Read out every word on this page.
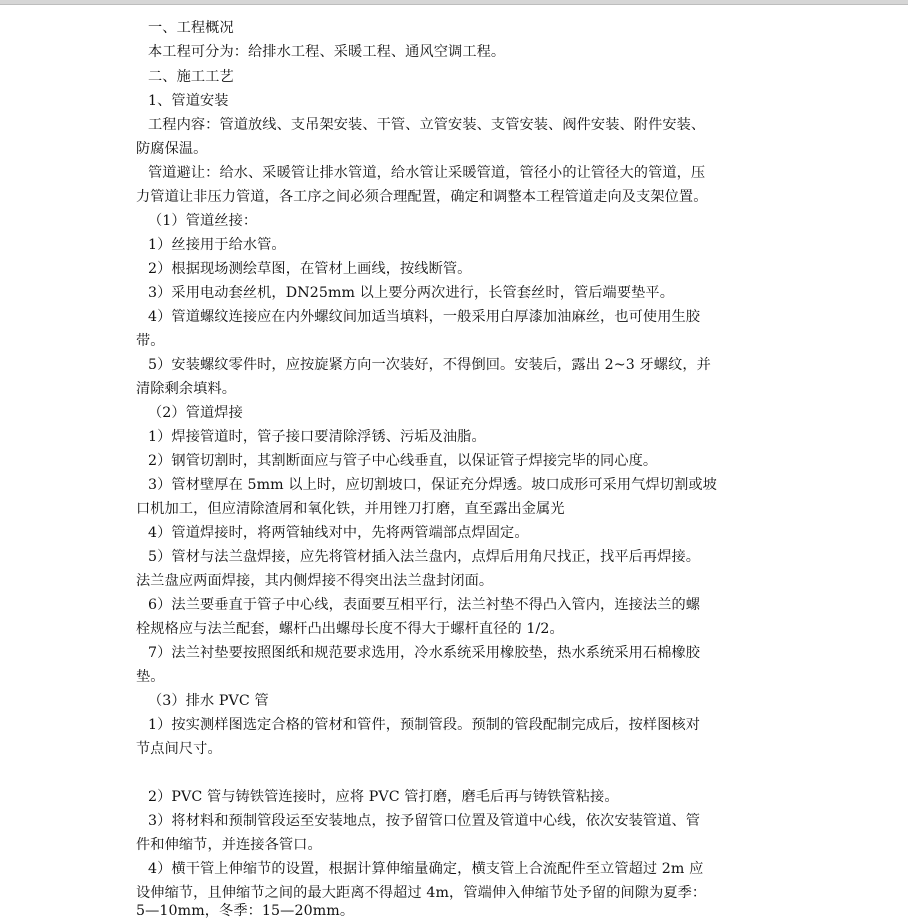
一、工程概况
本工程可分为：给排水工程、采暖工程、通风空调工程。
二、施工工艺
1、管道安装
工程内容：管道放线、支吊架安装、干管、立管安装、支管安装、阀件安装、附件安装、
防腐保温。
管道避让：给水、采暖管让排水管道，给水管让采暖管道，管径小的让管径大的管道，压
力管道让非压力管道，各工序之间必须合理配置，确定和调整本工程管道走向及支架位置。
（1）管道丝接：
1）丝接用于给水管。
2）根据现场测绘草图，在管材上画线，按线断管。
3）采用电动套丝机，DN25mm 以上要分两次进行，长管套丝时，管后端要垫平。
4）管道螺纹连接应在内外螺纹间加适当填料，一般采用白厚漆加油麻丝，也可使用生胶
带。
5）安装螺纹零件时，应按旋紧方向一次装好，不得倒回。安装后，露出 2~3 牙螺纹，并
清除剩余填料。
（2）管道焊接
1）焊接管道时，管子接口要清除浮锈、污垢及油脂。
2）钢管切割时，其割断面应与管子中心线垂直，以保证管子焊接完毕的同心度。
3）管材壁厚在 5mm 以上时，应切割坡口，保证充分焊透。坡口成形可采用气焊切割或坡
口机加工，但应清除渣屑和氧化铁，并用锉刀打磨，直至露出金属光
4）管道焊接时，将两管轴线对中，先将两管端部点焊固定。
5）管材与法兰盘焊接，应先将管材插入法兰盘内，点焊后用角尺找正，找平后再焊接。
法兰盘应两面焊接，其内侧焊接不得突出法兰盘封闭面。
6）法兰要垂直于管子中心线，表面要互相平行，法兰衬垫不得凸入管内，连接法兰的螺
栓规格应与法兰配套，螺杆凸出螺母长度不得大于螺杆直径的 1/2。
7）法兰衬垫要按照图纸和规范要求选用，冷水系统采用橡胶垫，热水系统采用石棉橡胶
垫。
（3）排水 PVC 管
1）按实测样图选定合格的管材和管件，预制管段。预制的管段配制完成后，按样图核对
节点间尺寸。
2）PVC 管与铸铁管连接时，应将 PVC 管打磨，磨毛后再与铸铁管粘接。
3）将材料和预制管段运至安装地点，按予留管口位置及管道中心线，依次安装管道、管
件和伸缩节，并连接各管口。
4）横干管上伸缩节的设置，根据计算伸缩量确定，横支管上合流配件至立管超过 2m 应
设伸缩节，且伸缩节之间的最大距离不得超过 4m，管端伸入伸缩节处予留的间隙为夏季：
5—10mm，冬季：15—20mm。
